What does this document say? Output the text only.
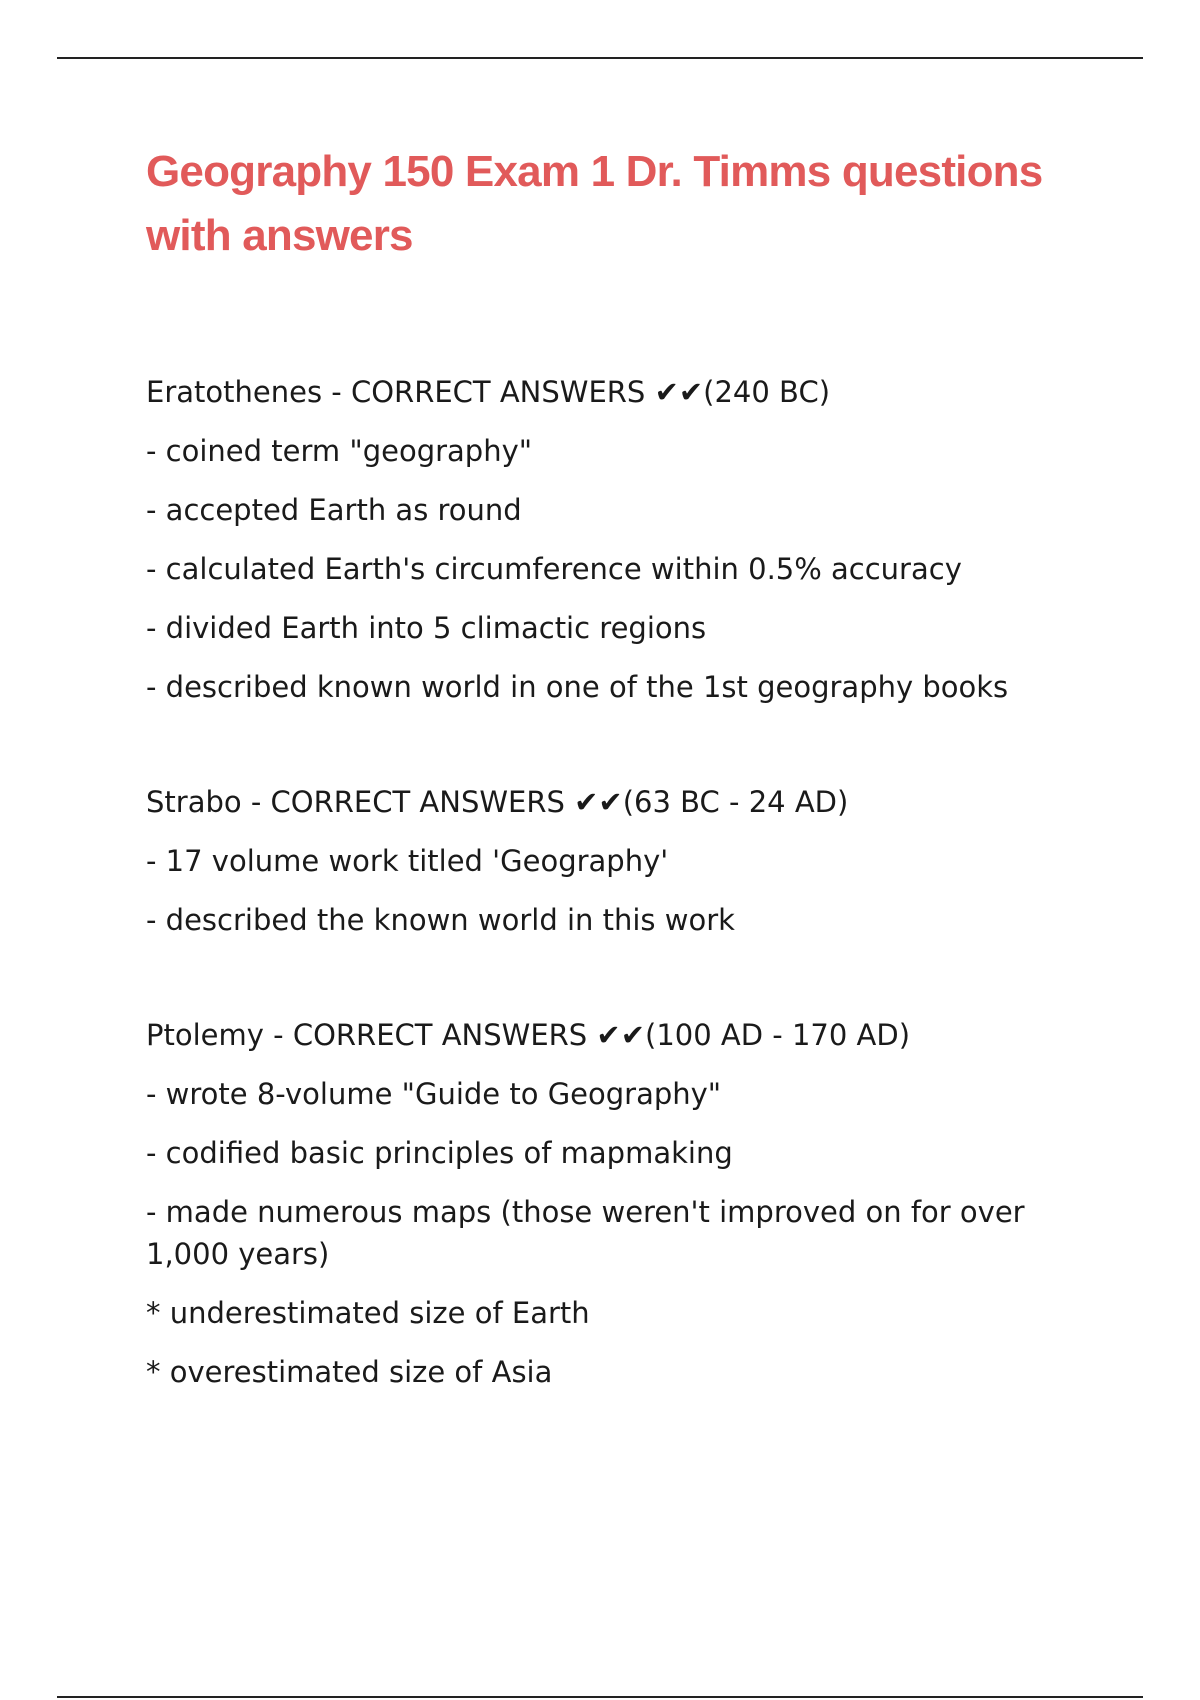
Geography 150 Exam 1 Dr. Timms questions with answers
Eratothenes - CORRECT ANSWERS ✔✔(240 BC)
- coined term "geography"
- accepted Earth as round
- calculated Earth's circumference within 0.5% accuracy
- divided Earth into 5 climactic regions
- described known world in one of the 1st geography books
Strabo - CORRECT ANSWERS ✔✔(63 BC - 24 AD)
- 17 volume work titled 'Geography'
- described the known world in this work
Ptolemy - CORRECT ANSWERS ✔✔(100 AD - 170 AD)
- wrote 8-volume "Guide to Geography"
- codified basic principles of mapmaking
- made numerous maps (those weren't improved on for over 1,000 years)
* underestimated size of Earth
* overestimated size of Asia
